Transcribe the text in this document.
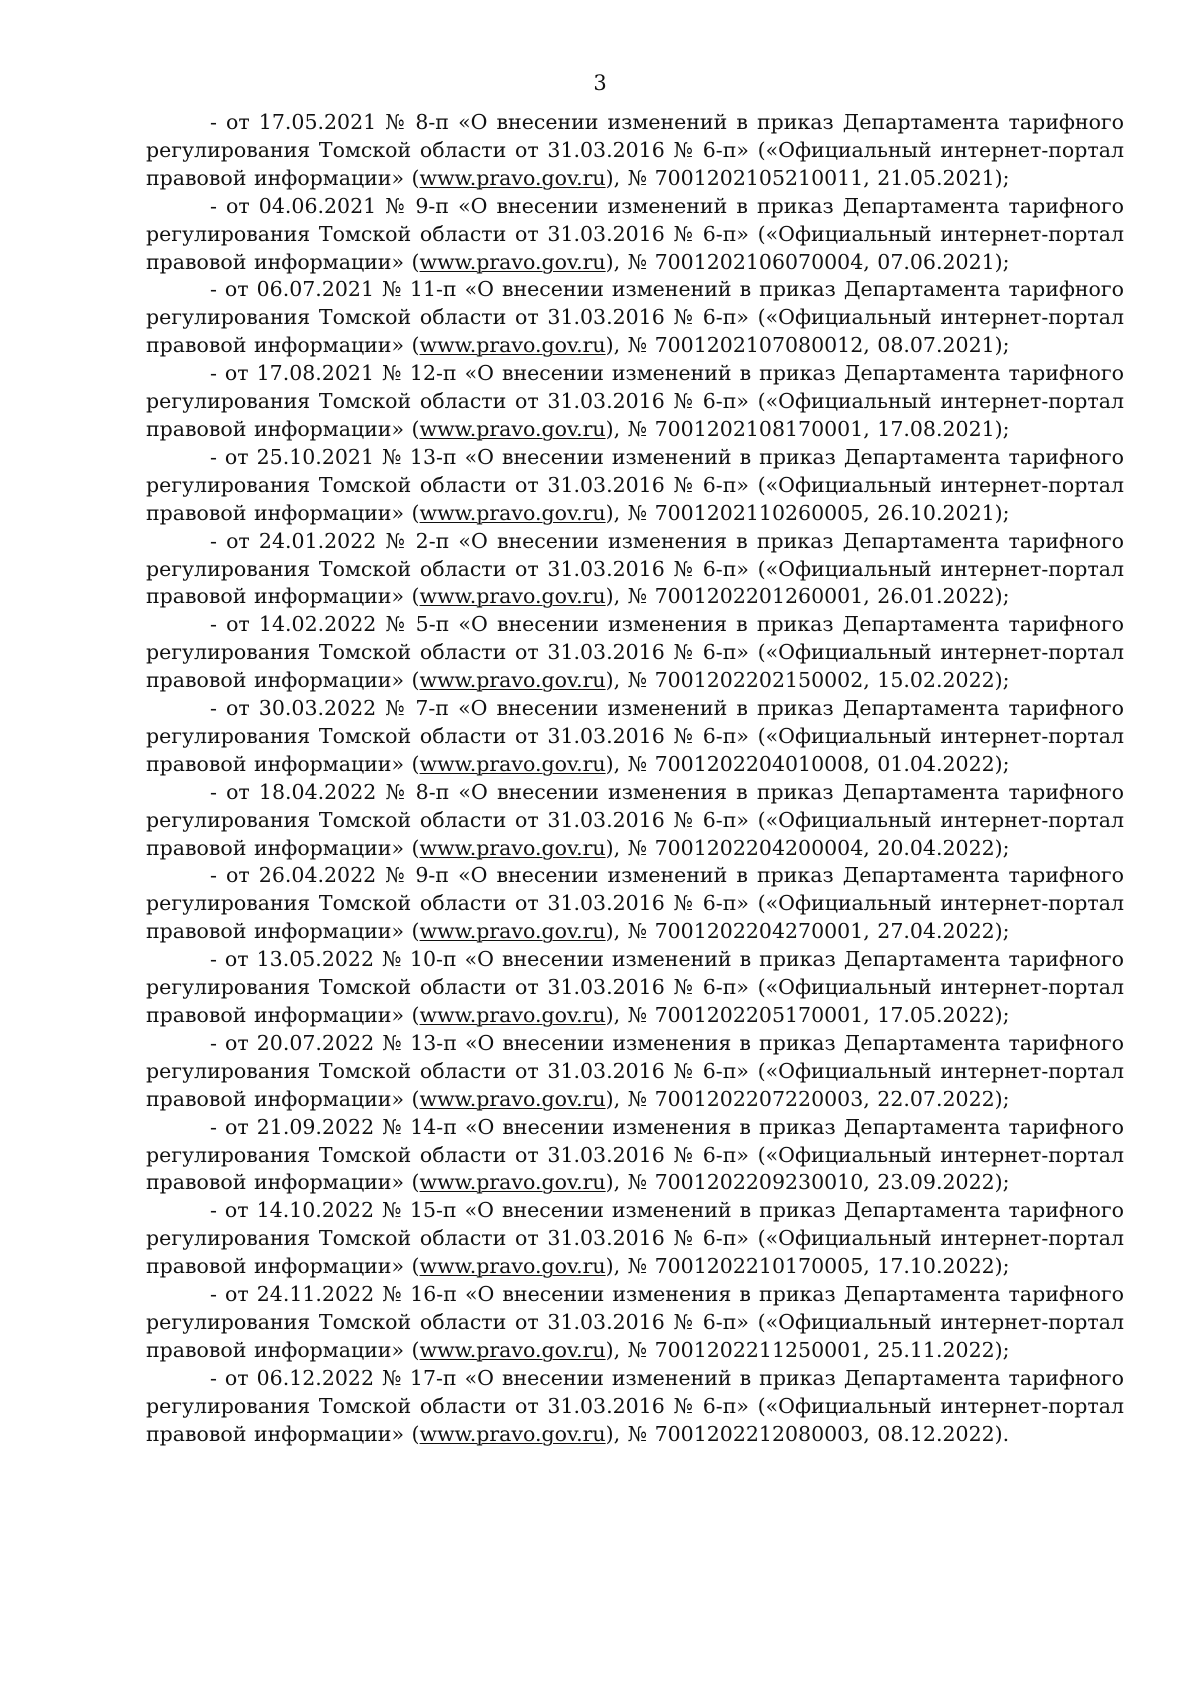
3

- от 17.05.2021 № 8-п «О внесении изменений в приказ Департамента тарифного регулирования Томской области от 31.03.2016 № 6-п» («Официальный интернет-портал правовой информации» (www.pravo.gov.ru), № 7001202105210011, 21.05.2021);

- от 04.06.2021 № 9-п «О внесении изменений в приказ Департамента тарифного регулирования Томской области от 31.03.2016 № 6-п» («Официальный интернет-портал правовой информации» (www.pravo.gov.ru), № 7001202106070004, 07.06.2021);

- от 06.07.2021 № 11-п «О внесении изменений в приказ Департамента тарифного регулирования Томской области от 31.03.2016 № 6-п» («Официальный интернет-портал правовой информации» (www.pravo.gov.ru), № 7001202107080012, 08.07.2021);

- от 17.08.2021 № 12-п «О внесении изменений в приказ Департамента тарифного регулирования Томской области от 31.03.2016 № 6-п» («Официальный интернет-портал правовой информации» (www.pravo.gov.ru), № 7001202108170001, 17.08.2021);

- от 25.10.2021 № 13-п «О внесении изменений в приказ Департамента тарифного регулирования Томской области от 31.03.2016 № 6-п» («Официальный интернет-портал правовой информации» (www.pravo.gov.ru), № 7001202110260005, 26.10.2021);

- от 24.01.2022 № 2-п «О внесении изменения в приказ Департамента тарифного регулирования Томской области от 31.03.2016 № 6-п» («Официальный интернет-портал правовой информации» (www.pravo.gov.ru), № 7001202201260001, 26.01.2022);

- от 14.02.2022 № 5-п «О внесении изменения в приказ Департамента тарифного регулирования Томской области от 31.03.2016 № 6-п» («Официальный интернет-портал правовой информации» (www.pravo.gov.ru), № 7001202202150002, 15.02.2022);

- от 30.03.2022 № 7-п «О внесении изменений в приказ Департамента тарифного регулирования Томской области от 31.03.2016 № 6-п» («Официальный интернет-портал правовой информации» (www.pravo.gov.ru), № 7001202204010008, 01.04.2022);

- от 18.04.2022 № 8-п «О внесении изменения в приказ Департамента тарифного регулирования Томской области от 31.03.2016 № 6-п» («Официальный интернет-портал правовой информации» (www.pravo.gov.ru), № 7001202204200004, 20.04.2022);

- от 26.04.2022 № 9-п «О внесении изменений в приказ Департамента тарифного регулирования Томской области от 31.03.2016 № 6-п» («Официальный интернет-портал правовой информации» (www.pravo.gov.ru), № 7001202204270001, 27.04.2022);

- от 13.05.2022 № 10-п «О внесении изменений в приказ Департамента тарифного регулирования Томской области от 31.03.2016 № 6-п» («Официальный интернет-портал правовой информации» (www.pravo.gov.ru), № 7001202205170001, 17.05.2022);

- от 20.07.2022 № 13-п «О внесении изменения в приказ Департамента тарифного регулирования Томской области от 31.03.2016 № 6-п» («Официальный интернет-портал правовой информации» (www.pravo.gov.ru), № 7001202207220003, 22.07.2022);

- от 21.09.2022 № 14-п «О внесении изменения в приказ Департамента тарифного регулирования Томской области от 31.03.2016 № 6-п» («Официальный интернет-портал правовой информации» (www.pravo.gov.ru), № 7001202209230010, 23.09.2022);

- от 14.10.2022 № 15-п «О внесении изменений в приказ Департамента тарифного регулирования Томской области от 31.03.2016 № 6-п» («Официальный интернет-портал правовой информации» (www.pravo.gov.ru), № 7001202210170005, 17.10.2022);

- от 24.11.2022 № 16-п «О внесении изменения в приказ Департамента тарифного регулирования Томской области от 31.03.2016 № 6-п» («Официальный интернет-портал правовой информации» (www.pravo.gov.ru), № 7001202211250001, 25.11.2022);

- от 06.12.2022 № 17-п «О внесении изменений в приказ Департамента тарифного регулирования Томской области от 31.03.2016 № 6-п» («Официальный интернет-портал правовой информации» (www.pravo.gov.ru), № 7001202212080003, 08.12.2022).
